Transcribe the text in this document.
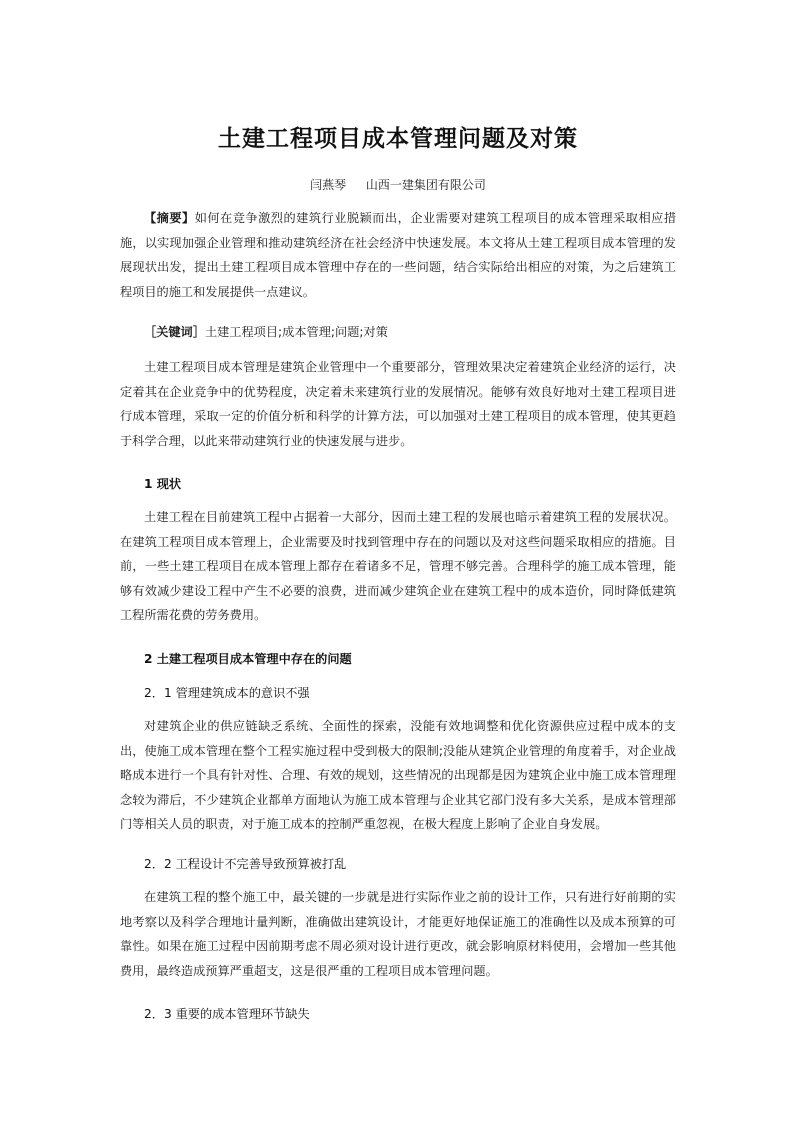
土建工程项目成本管理问题及对策
闫燕琴 山西一建集团有限公司

【摘要】如何在竞争激烈的建筑行业脱颖而出，企业需要对建筑工程项目的成本管理采取相应措施，以实现加强企业管理和推动建筑经济在社会经济中快速发展。本文将从土建工程项目成本管理的发展现状出发，提出土建工程项目成本管理中存在的一些问题，结合实际给出相应的对策，为之后建筑工程项目的施工和发展提供一点建议。

［关键词］土建工程项目;成本管理;问题;对策

土建工程项目成本管理是建筑企业管理中一个重要部分，管理效果决定着建筑企业经济的运行，决定着其在企业竞争中的优势程度，决定着未来建筑行业的发展情况。能够有效良好地对土建工程项目进行成本管理，采取一定的价值分析和科学的计算方法，可以加强对土建工程项目的成本管理，使其更趋于科学合理，以此来带动建筑行业的快速发展与进步。

1 现状

土建工程在目前建筑工程中占据着一大部分，因而土建工程的发展也暗示着建筑工程的发展状况。在建筑工程项目成本管理上，企业需要及时找到管理中存在的问题以及对这些问题采取相应的措施。目前，一些土建工程项目在成本管理上都存在着诸多不足，管理不够完善。合理科学的施工成本管理，能够有效减少建设工程中产生不必要的浪费，进而减少建筑企业在建筑工程中的成本造价，同时降低建筑工程所需花费的劳务费用。

2 土建工程项目成本管理中存在的问题

2．1 管理建筑成本的意识不强

对建筑企业的供应链缺乏系统、全面性的探索，没能有效地调整和优化资源供应过程中成本的支出，使施工成本管理在整个工程实施过程中受到极大的限制;没能从建筑企业管理的角度着手，对企业战略成本进行一个具有针对性、合理、有效的规划，这些情况的出现都是因为建筑企业中施工成本管理理念较为滞后，不少建筑企业都单方面地认为施工成本管理与企业其它部门没有多大关系，是成本管理部门等相关人员的职责，对于施工成本的控制严重忽视，在极大程度上影响了企业自身发展。

2．2 工程设计不完善导致预算被打乱

在建筑工程的整个施工中，最关键的一步就是进行实际作业之前的设计工作，只有进行好前期的实地考察以及科学合理地计量判断，准确做出建筑设计，才能更好地保证施工的准确性以及成本预算的可靠性。如果在施工过程中因前期考虑不周必须对设计进行更改，就会影响原材料使用，会增加一些其他费用，最终造成预算严重超支，这是很严重的工程项目成本管理问题。

2．3 重要的成本管理环节缺失
